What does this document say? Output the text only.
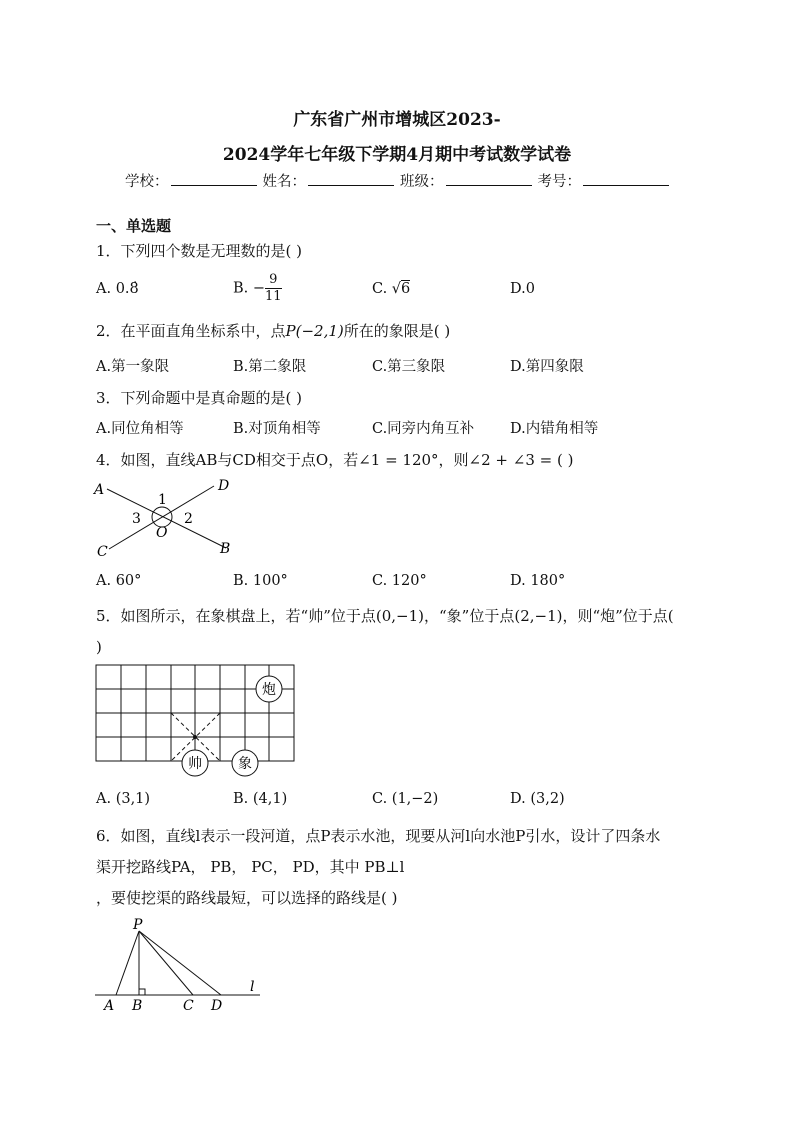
广东省广州市增城区2023-
2024学年七年级下学期4月期中考试数学试卷
学校：	姓名：	班级：	考号：
一、单选题
1．下列四个数是无理数的是( )
A. 0.8̇	B. − $\frac{9}{11}$	C. √6	D.0
2．在平面直角坐标系中，点P(−2,1)所在的象限是( )
A.第一象限	B.第二象限	C.第三象限	D.第四象限
3．下列命题中是真命题的是( )
A.同位角相等	B.对顶角相等	C.同旁内角互补 D.内错角相等
4．如图，直线AB与CD相交于点O，若∠1 = 120°，则∠2 + ∠3 = ( )
A	D
1
3	2
O
C	B
A. 60°	B. 100°	C. 120°	D. 180°
5．如图所示，在象棋盘上，若“帅”位于点(0,−1)，“象”位于点(2,−1)，则“炮”位于点(
)
炮
帅	象
A. (3,1)	B. (4,1)	C. (1,−2)	D. (3,2)
6．如图，直线l表示一段河道，点P表示水池，现要从河l向水池P引水，设计了四条水
渠开挖路线PA， PB， PC， PD，其中 PB⊥l
，要使挖渠的路线最短，可以选择的路线是( )
P
l
A B	C D
